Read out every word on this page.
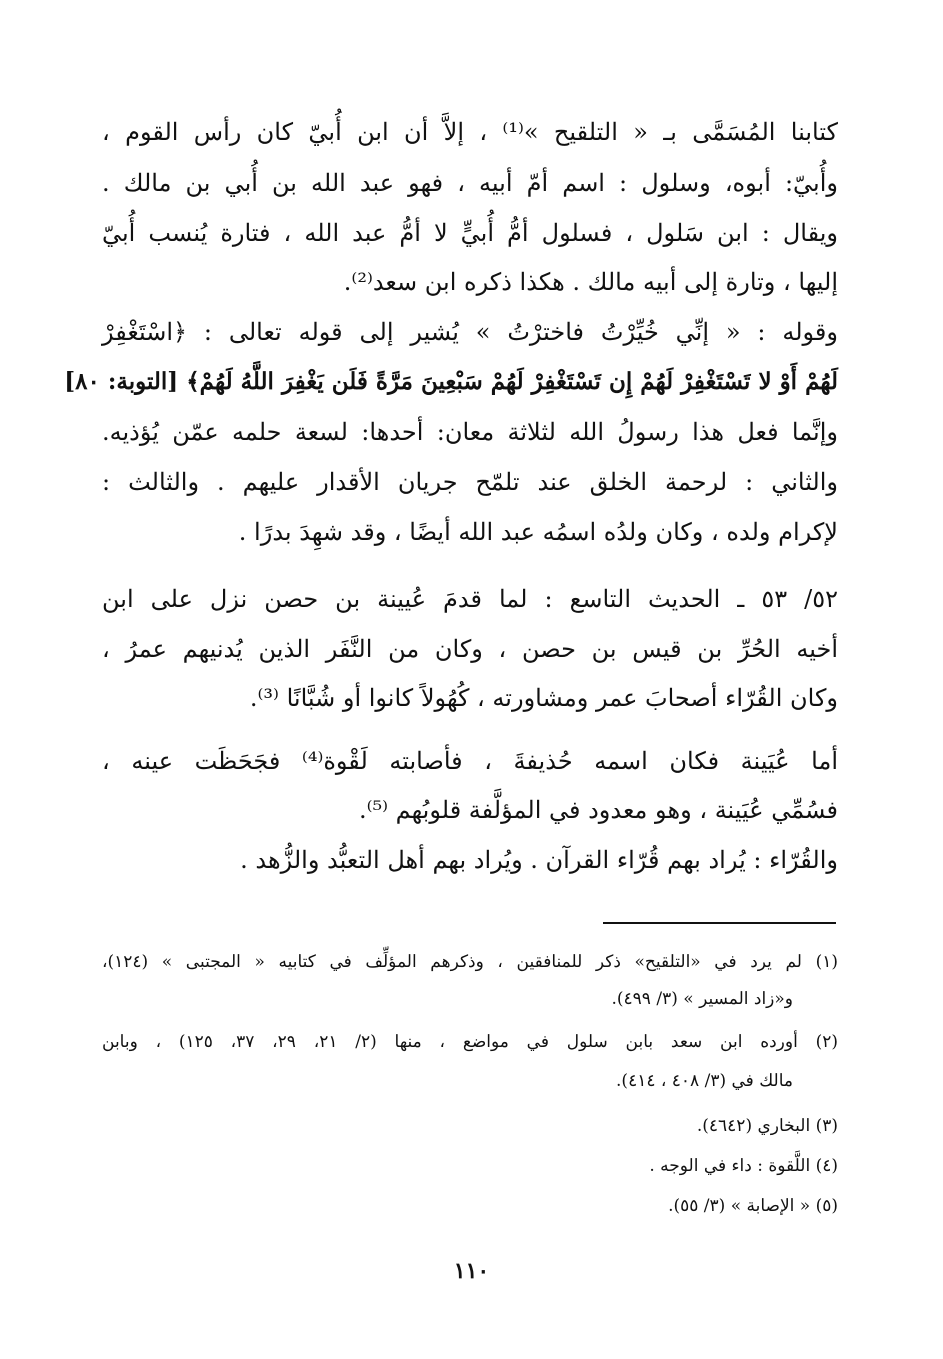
كتابنا المُسَمَّى بـ « التلقيح »⁽¹⁾ ، إلاَّ أن ابن أُبيّ كان رأس القوم ،
وأُبيّ: أبوه، وسلول : اسم أمّ أبيه ، فهو عبد الله بن أُبي بن مالك .
ويقال : ابن سَلول ، فسلول أمُّ أُبيٍّ لا أمُّ عبد الله ، فتارة يُنسب أُبيّ
إليها ، وتارة إلى أبيه مالك . هكذا ذكره ابن سعد⁽²⁾.
وقوله : « إنِّي خُيِّرْتُ فاخترْتُ » يُشير إلى قوله تعالى : ﴿اسْتَغْفِرْ
لَهُمْ أَوْ لا تَسْتَغْفِرْ لَهُمْ إِن تَسْتَغْفِرْ لَهُمْ سَبْعِينَ مَرَّةً فَلَن يَغْفِرَ اللَّهُ لَهُمْ﴾ [التوبة: ٨٠]
وإنَّما فعل هذا رسولُ الله لثلاثة معان: أحدها: لسعة حلمه عمّن يُؤذيه.
والثاني : لرحمة الخلق عند تلمّح جريان الأقدار عليهم . والثالث :
لإكرام ولده ، وكان ولدُه اسمُه عبد الله أيضًا ، وقد شهِدَ بدرًا .
٥٢/ ٥٣ ـ الحديث التاسع : لما قدمَ عُيينة بن حصن نزل على ابن
أخيه الحُرِّ بن قيس بن حصن ، وكان من النَّفَر الذين يُدنيهم عمرُ ،
وكان القُرّاء أصحابَ عمر ومشاورته ، كُهُولاً كانوا أو شُبَّانًا ⁽³⁾.
أما عُيَينة فكان اسمه حُذيفةَ ، فأصابته لَقْوة⁽⁴⁾ فجَحَظَت عينه ،
فسُمِّي عُيَينة ، وهو معدود في المؤلَّفة قلوبُهم ⁽⁵⁾.
والقُرّاء : يُراد بهم قُرّاء القرآن . ويُراد بهم أهل التعبُّد والزُّهد .
(١) لم يرد في «التلقيح» ذكر للمنافقين ، وذكرهم المؤلِّف في كتابيه « المجتبى » (١٢٤)،
و«زاد المسير » (٣/ ٤٩٩).
(٢) أورده ابن سعد بابن سلول في مواضع ، منها (٢/ ٢١، ٢٩، ٣٧، ١٢٥) ، وبابن
مالك في (٣/ ٤٠٨ ، ٤١٤).
(٣) البخاري (٤٦٤٢).
(٤) اللَّقوة : داء في الوجه .
(٥) « الإصابة » (٣/ ٥٥).
١١٠
